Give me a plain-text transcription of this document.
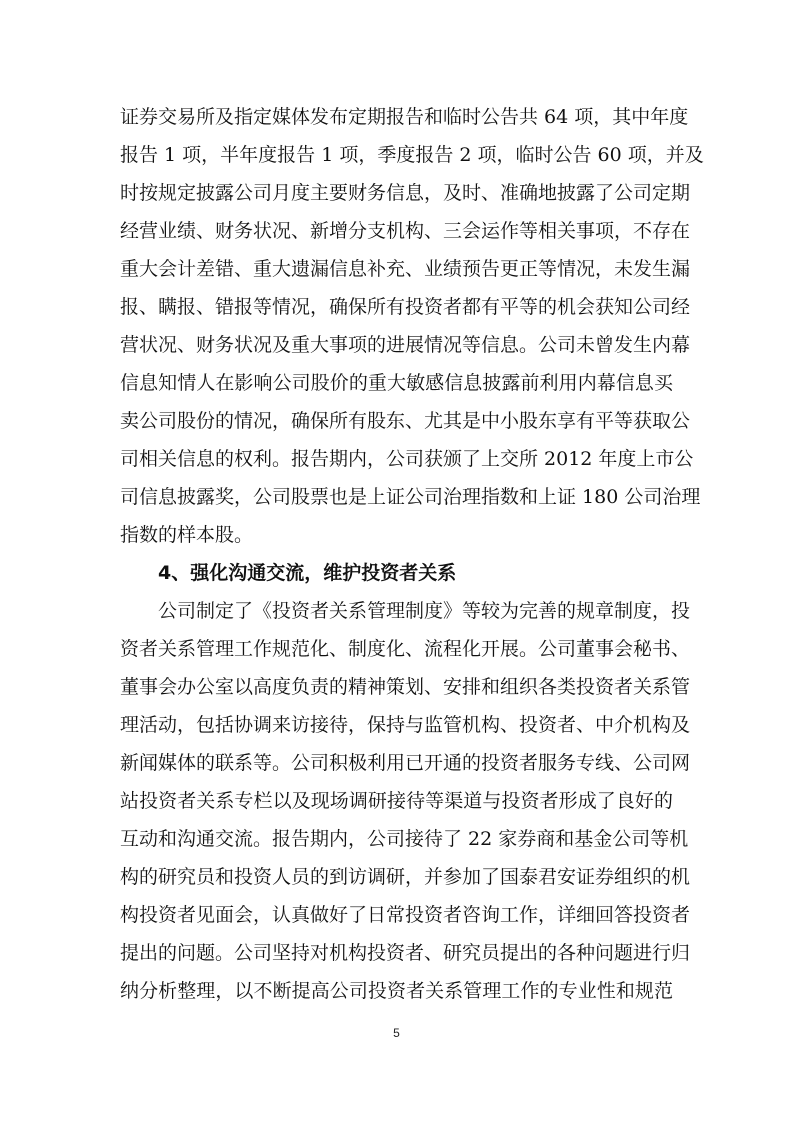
证券交易所及指定媒体发布定期报告和临时公告共 64 项，其中年度
报告 1 项，半年度报告 1 项，季度报告 2 项，临时公告 60 项，并及
时按规定披露公司月度主要财务信息，及时、准确地披露了公司定期
经营业绩、财务状况、新增分支机构、三会运作等相关事项，不存在
重大会计差错、重大遗漏信息补充、业绩预告更正等情况，未发生漏
报、瞒报、错报等情况，确保所有投资者都有平等的机会获知公司经
营状况、财务状况及重大事项的进展情况等信息。公司未曾发生内幕
信息知情人在影响公司股价的重大敏感信息披露前利用内幕信息买
卖公司股份的情况，确保所有股东、尤其是中小股东享有平等获取公
司相关信息的权利。报告期内，公司获颁了上交所 2012 年度上市公
司信息披露奖，公司股票也是上证公司治理指数和上证 180 公司治理
指数的样本股。
4、强化沟通交流，维护投资者关系
公司制定了《投资者关系管理制度》等较为完善的规章制度，投
资者关系管理工作规范化、制度化、流程化开展。公司董事会秘书、
董事会办公室以高度负责的精神策划、安排和组织各类投资者关系管
理活动，包括协调来访接待，保持与监管机构、投资者、中介机构及
新闻媒体的联系等。公司积极利用已开通的投资者服务专线、公司网
站投资者关系专栏以及现场调研接待等渠道与投资者形成了良好的
互动和沟通交流。报告期内，公司接待了 22 家券商和基金公司等机
构的研究员和投资人员的到访调研，并参加了国泰君安证券组织的机
构投资者见面会，认真做好了日常投资者咨询工作，详细回答投资者
提出的问题。公司坚持对机构投资者、研究员提出的各种问题进行归
纳分析整理，以不断提高公司投资者关系管理工作的专业性和规范
5
